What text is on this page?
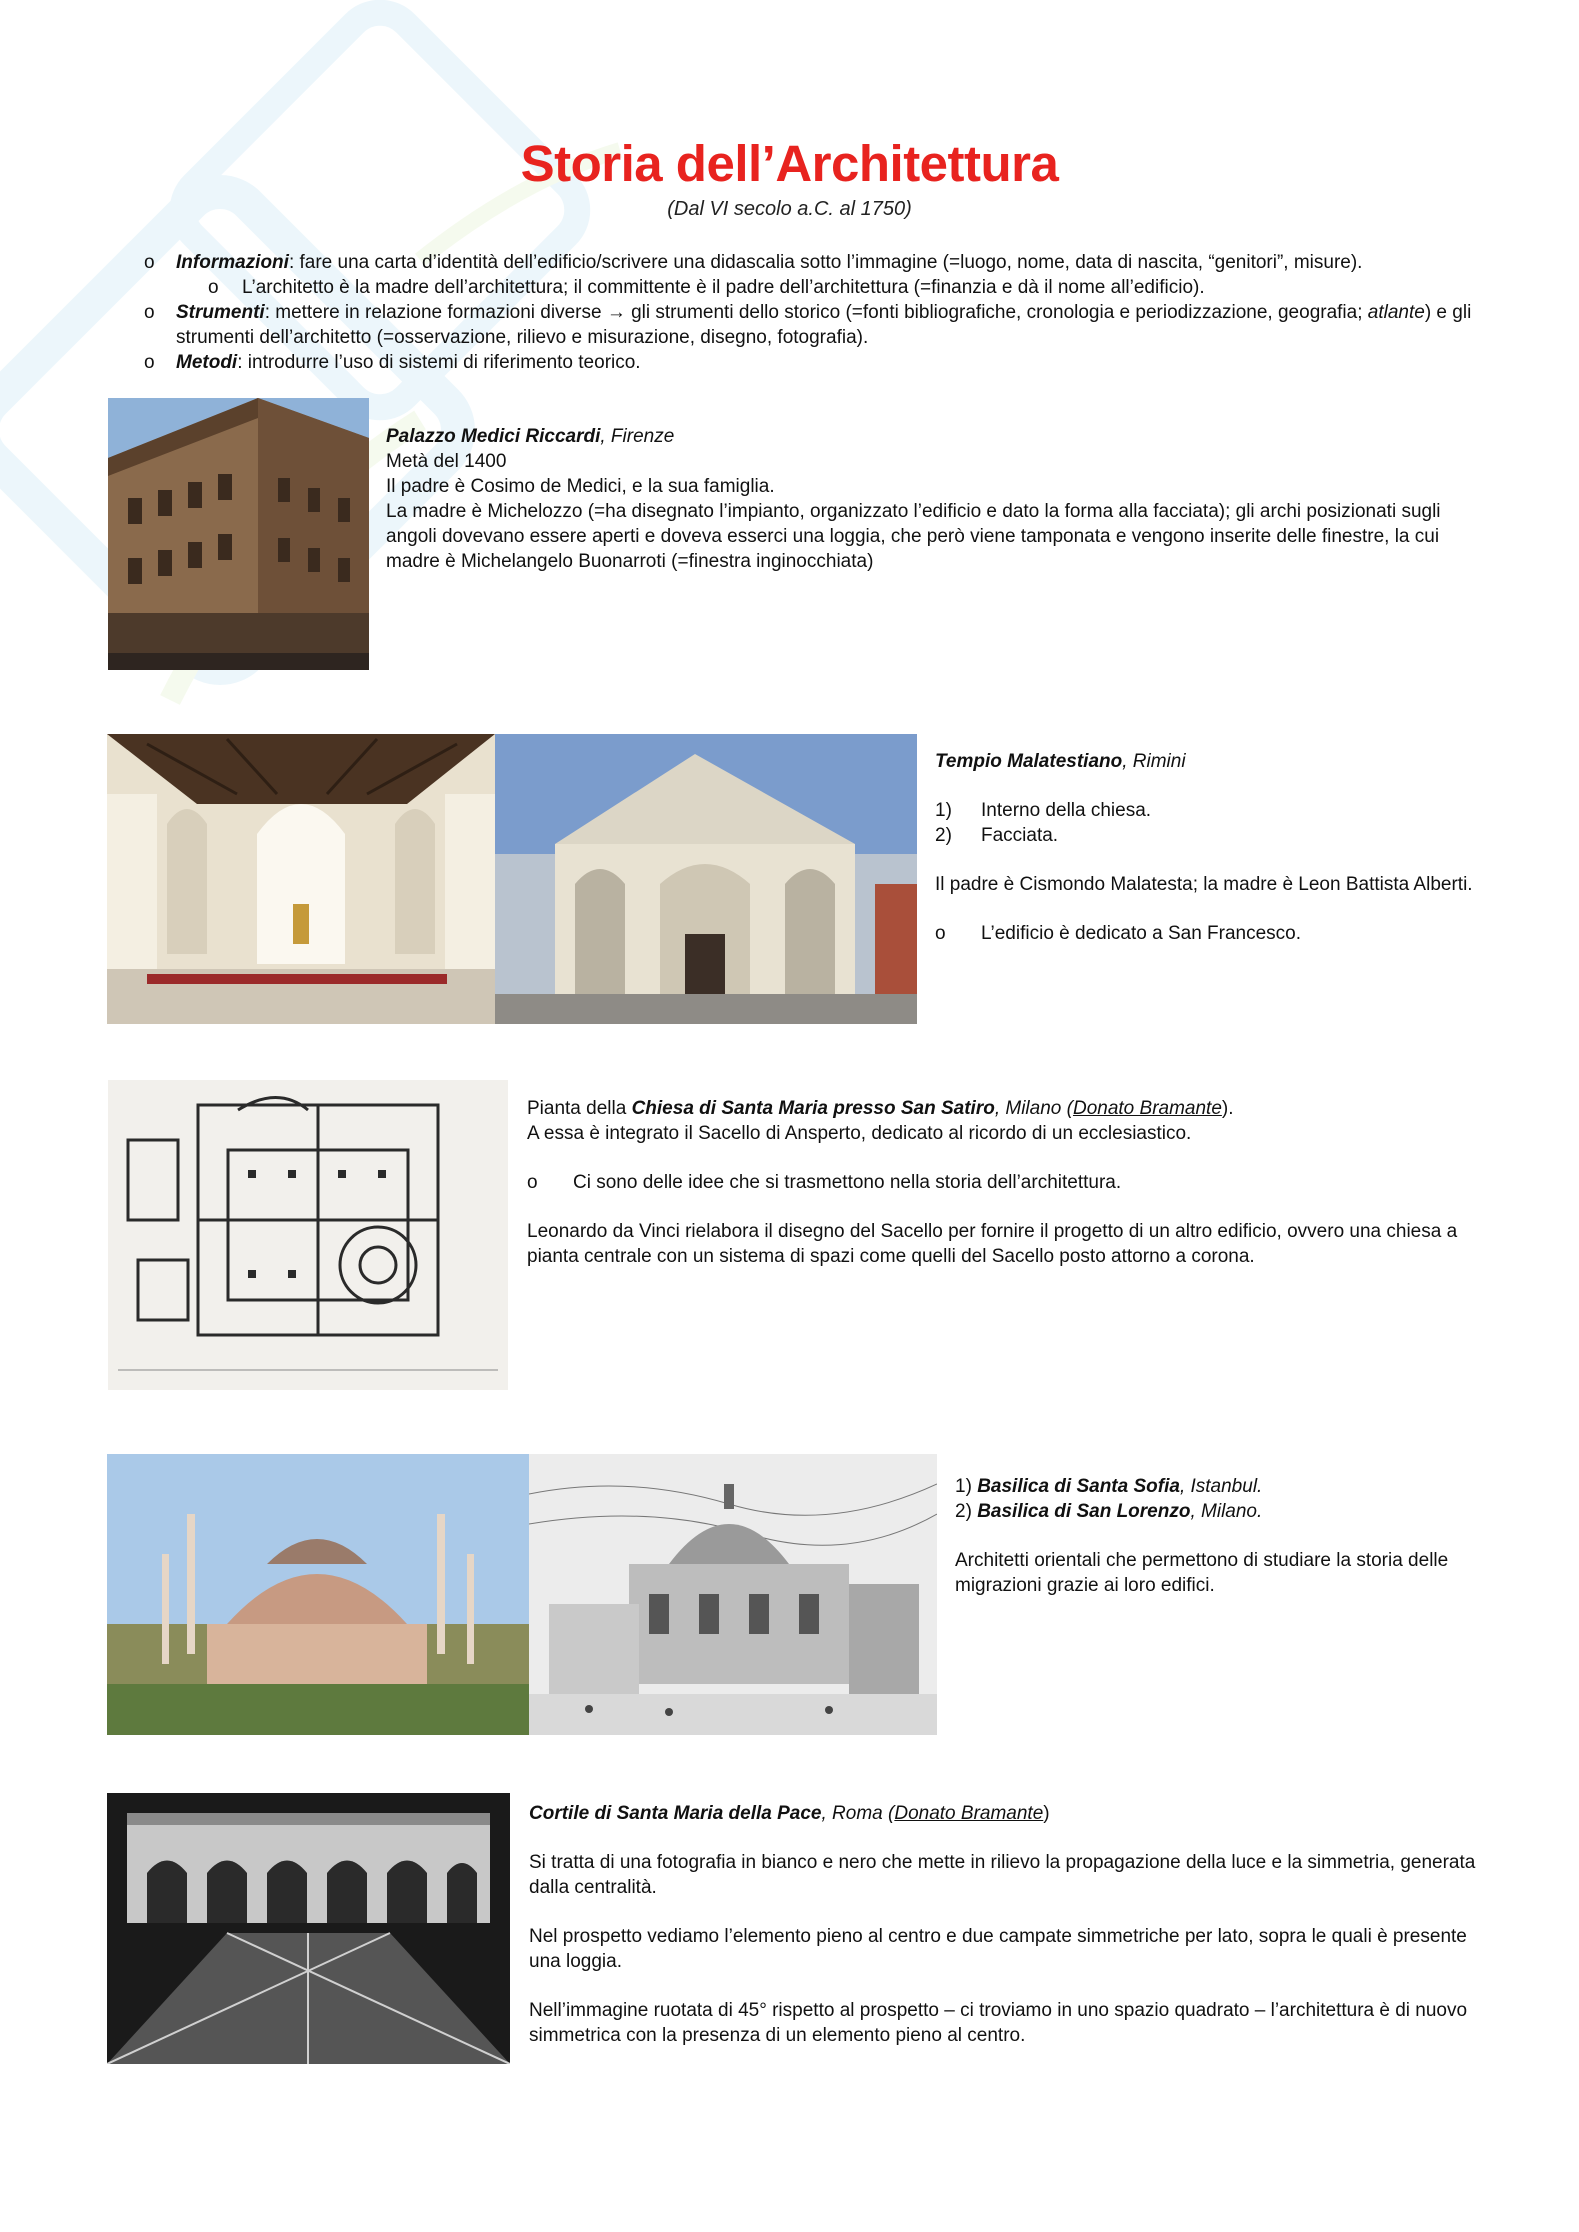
Storia dell’Architettura
(Dal VI secolo a.C. al 1750)
o Informazioni: fare una carta d’identità dell’edificio/scrivere una didascalia sotto l’immagine (=luogo, nome, data di nascita, “genitori”, misure).
o L’architetto è la madre dell’architettura; il committente è il padre dell’architettura (=finanzia e dà il nome all’edificio).
o Strumenti: mettere in relazione formazioni diverse → gli strumenti dello storico (=fonti bibliografiche, cronologia e periodizzazione, geografia; atlante) e gli strumenti dell’architetto (=osservazione, rilievo e misurazione, disegno, fotografia).
o Metodi: introdurre l’uso di sistemi di riferimento teorico.

Palazzo Medici Riccardi, Firenze

Metà del 1400

Il padre è Cosimo de Medici, e la sua famiglia.

La madre è Michelozzo (=ha disegnato l’impianto, organizzato l’edificio e dato la forma alla facciata); gli archi posizionati sugli angoli dovevano essere aperti e doveva esserci una loggia, che però viene tamponata e vengono inserite delle finestre, la cui madre è Michelangelo Buonarroti (=finestra inginocchiata)

Tempio Malatestiano, Rimini

1) Interno della chiesa.
2) Facciata.

Il padre è Cismondo Malatesta; la madre è Leon Battista Alberti.

o L’edificio è dedicato a San Francesco.

Pianta della Chiesa di Santa Maria presso San Satiro, Milano (Donato Bramante).

A essa è integrato il Sacello di Ansperto, dedicato al ricordo di un ecclesiastico.

o Ci sono delle idee che si trasmettono nella storia dell’architettura.

Leonardo da Vinci rielabora il disegno del Sacello per fornire il progetto di un altro edificio, ovvero una chiesa a pianta centrale con un sistema di spazi come quelli del Sacello posto attorno a corona.

1) Basilica di Santa Sofia, Istanbul.

2) Basilica di San Lorenzo, Milano.

Architetti orientali che permettono di studiare la storia delle migrazioni grazie ai loro edifici.

Cortile di Santa Maria della Pace, Roma (Donato Bramante)

Si tratta di una fotografia in bianco e nero che mette in rilievo la propagazione della luce e la simmetria, generata dalla centralità.

Nel prospetto vediamo l’elemento pieno al centro e due campate simmetriche per lato, sopra le quali è presente una loggia.

Nell’immagine ruotata di 45° rispetto al prospetto – ci troviamo in uno spazio quadrato – l’architettura è di nuovo simmetrica con la presenza di un elemento pieno al centro.
